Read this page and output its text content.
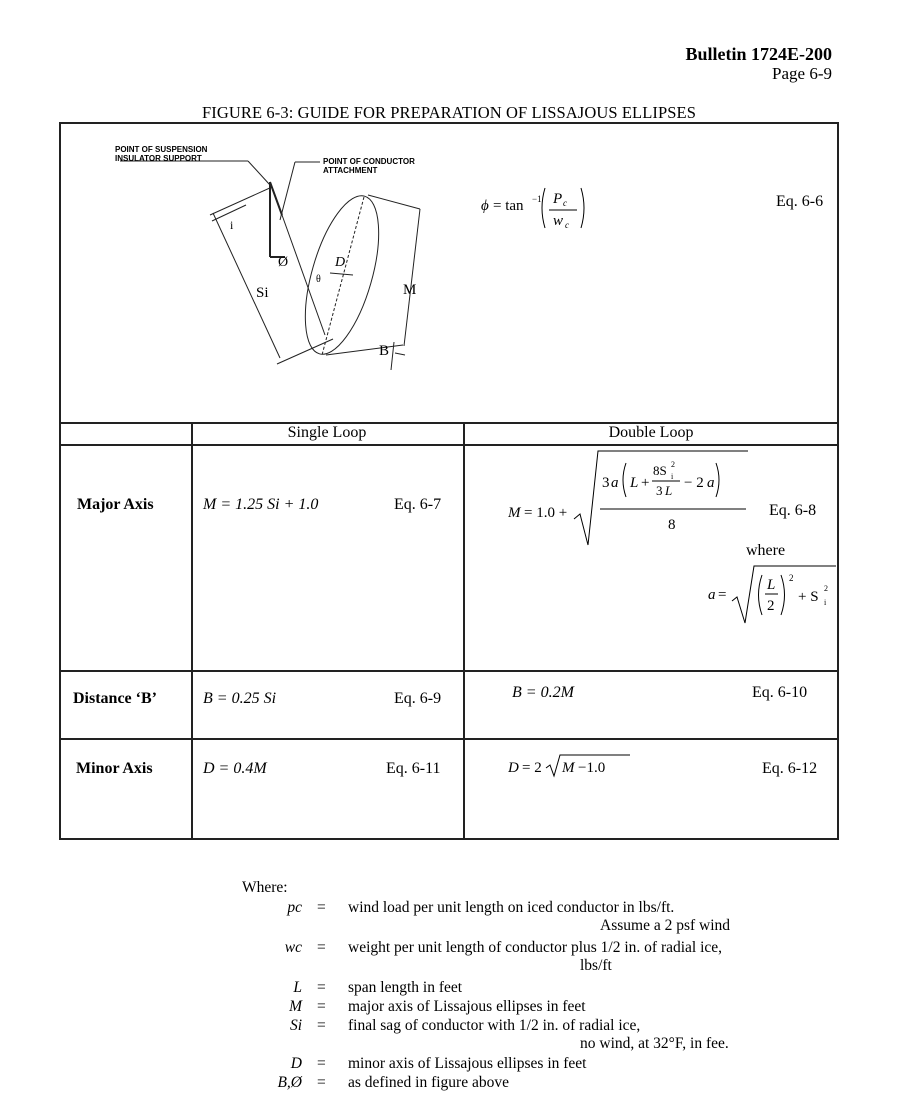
Bulletin 1724E-200
Page 6-9
FIGURE 6-3: GUIDE FOR PREPARATION OF LISSAJOUS ELLIPSES
POINT OF SUSPENSION
INSULATOR SUPPORT	POINT OF CONDUCTOR
ATTACHMENT
i
Ø	D
θ
Si	M
B
ϕ = tan −1 P c
w c
Eq. 6-6
Single Loop	Double Loop
Major Axis	M = 1.25 Si + 1.0	Eq. 6-7	M = 1.0 +
3 a L +
8S i
2
3 L − 2 a
8
Eq. 6-8
where
a =
L
2
2
+ S i
2
Distance ‘B’	B = 0.25 Si	Eq. 6-9	B = 0.2M	Eq. 6-10
Minor Axis	D = 0.4M	Eq. 6-11	D = 2 M −1.0	Eq. 6-12
Where:
pc = wind load per unit length on iced conductor in lbs/ft.
Assume a 2 psf wind
wc = weight per unit length of conductor plus 1/2 in. of radial ice,
lbs/ft
L = span length in feet
M = major axis of Lissajous ellipses in feet
Si = final sag of conductor with 1/2 in. of radial ice,
no wind, at 32°F, in fee.
D = minor axis of Lissajous ellipses in feet
B,Ø = as defined in figure above
